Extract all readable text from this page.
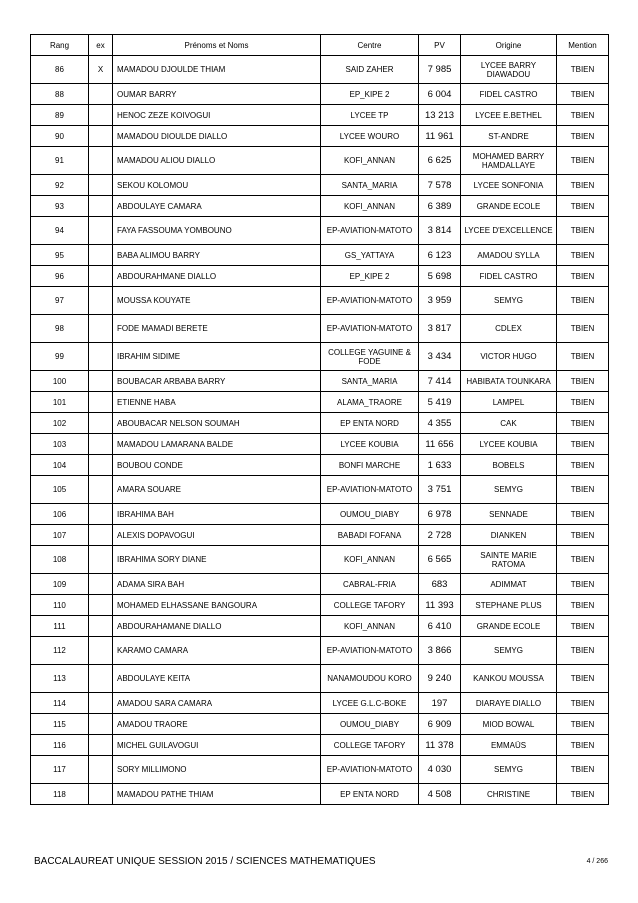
Rang	ex	Prénoms et Noms	Centre	PV	Origine	Mention
86	X	MAMADOU DJOULDE THIAM	SAID ZAHER	7 985	LYCEE BARRY DIAWADOU	TBIEN
88		OUMAR BARRY	EP_KIPE 2	6 004	FIDEL CASTRO	TBIEN
89		HENOC ZEZE KOIVOGUI	LYCEE TP	13 213	LYCEE E.BETHEL	TBIEN
90		MAMADOU DIOULDE DIALLO	LYCEE WOURO	11 961	ST-ANDRE	TBIEN
91		MAMADOU ALIOU DIALLO	KOFI_ANNAN	6 625	MOHAMED BARRY HAMDALLAYE	TBIEN
92		SEKOU KOLOMOU	SANTA_MARIA	7 578	LYCEE SONFONIA	TBIEN
93		ABDOULAYE CAMARA	KOFI_ANNAN	6 389	GRANDE ECOLE	TBIEN
94		FAYA FASSOUMA YOMBOUNO	EP-AVIATION-MATOTO	3 814	LYCEE D'EXCELLENCE	TBIEN
95		BABA ALIMOU BARRY	GS_YATTAYA	6 123	AMADOU SYLLA	TBIEN
96		ABDOURAHMANE DIALLO	EP_KIPE 2	5 698	FIDEL CASTRO	TBIEN
97		MOUSSA KOUYATE	EP-AVIATION-MATOTO	3 959	SEMYG	TBIEN
98		FODE MAMADI BERETE	EP-AVIATION-MATOTO	3 817	CDLEX	TBIEN
99		IBRAHIM SIDIME	COLLEGE YAGUINE & FODE	3 434	VICTOR HUGO	TBIEN
100		BOUBACAR ARBABA BARRY	SANTA_MARIA	7 414	HABIBATA TOUNKARA	TBIEN
101		ETIENNE HABA	ALAMA_TRAORE	5 419	LAMPEL	TBIEN
102		ABOUBACAR NELSON SOUMAH	EP ENTA NORD	4 355	CAK	TBIEN
103		MAMADOU LAMARANA BALDE	LYCEE KOUBIA	11 656	LYCEE KOUBIA	TBIEN
104		BOUBOU CONDE	BONFI MARCHE	1 633	BOBELS	TBIEN
105		AMARA SOUARE	EP-AVIATION-MATOTO	3 751	SEMYG	TBIEN
106		IBRAHIMA BAH	OUMOU_DIABY	6 978	SENNADE	TBIEN
107		ALEXIS DOPAVOGUI	BABADI FOFANA	2 728	DIANKEN	TBIEN
108		IBRAHIMA SORY DIANE	KOFI_ANNAN	6 565	SAINTE MARIE RATOMA	TBIEN
109		ADAMA SIRA BAH	CABRAL-FRIA	683	ADIMMAT	TBIEN
110		MOHAMED ELHASSANE BANGOURA	COLLEGE TAFORY	11 393	STEPHANE PLUS	TBIEN
111		ABDOURAHAMANE DIALLO	KOFI_ANNAN	6 410	GRANDE ECOLE	TBIEN
112		KARAMO CAMARA	EP-AVIATION-MATOTO	3 866	SEMYG	TBIEN
113		ABDOULAYE KEITA	NANAMOUDOU KORO	9 240	KANKOU MOUSSA	TBIEN
114		AMADOU SARA CAMARA	LYCEE G.L.C-BOKE	197	DIARAYE DIALLO	TBIEN
115		AMADOU TRAORE	OUMOU_DIABY	6 909	MIOD BOWAL	TBIEN
116		MICHEL GUILAVOGUI	COLLEGE TAFORY	11 378	EMMAÜS	TBIEN
117		SORY MILLIMONO	EP-AVIATION-MATOTO	4 030	SEMYG	TBIEN
118		MAMADOU PATHE THIAM	EP ENTA NORD	4 508	CHRISTINE	TBIEN
BACCALAUREAT UNIQUE SESSION 2015 / SCIENCES MATHEMATIQUES	4 / 266
